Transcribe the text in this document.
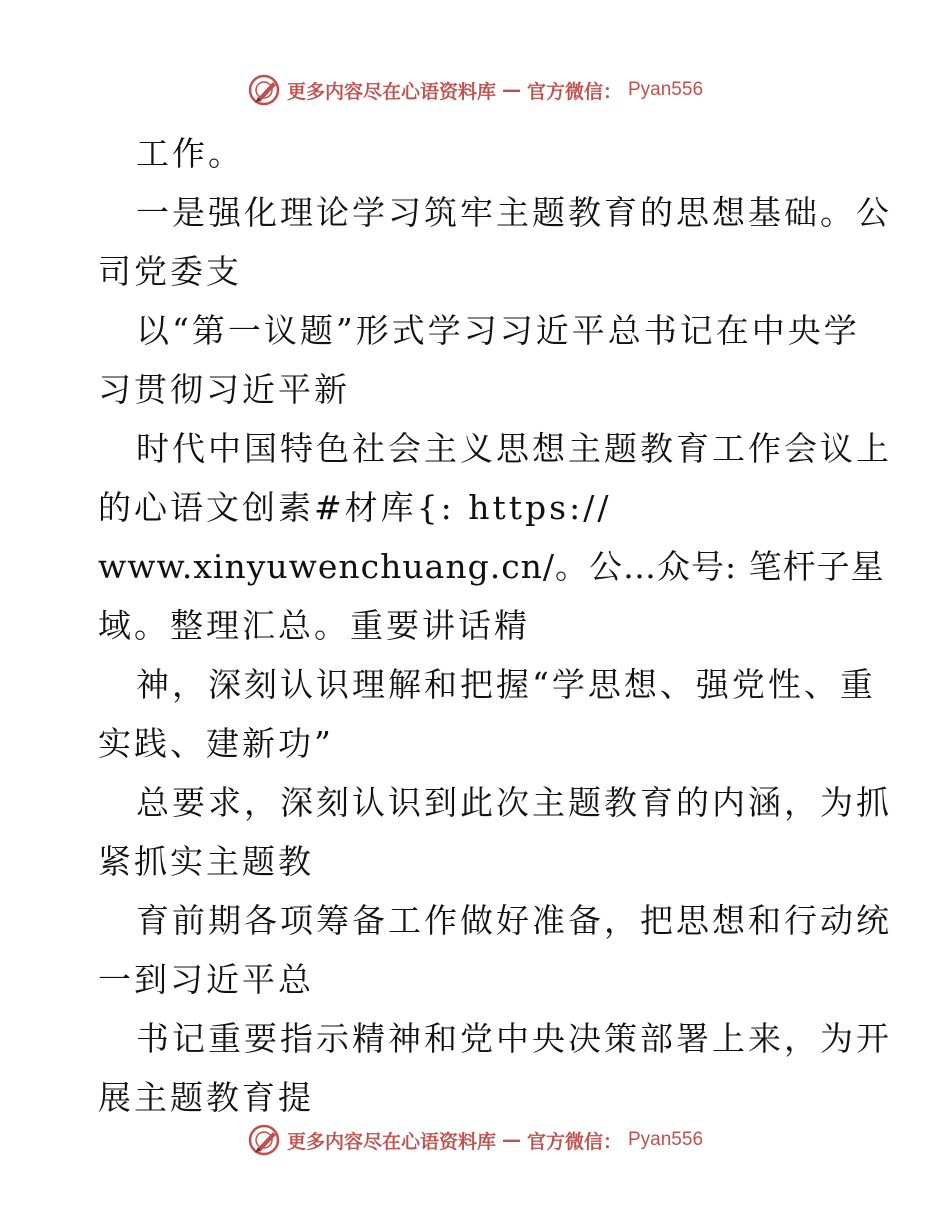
更多内容尽在心语资料库 — 官方微信： Pyan556
工作。
一是强化理论学习筑牢主题教育的思想基础。公
司党委支
以“第一议题”形式学习习近平总书记在中央学
习贯彻习近平新
时代中国特色社会主义思想主题教育工作会议上
的心语文创素#材库{: https://
www.xinyuwenchuang.cn/。公…众号: 笔杆子星
域。整理汇总。重要讲话精
神，深刻认识理解和把握“学思想、强党性、重
实践、建新功”
总要求，深刻认识到此次主题教育的内涵，为抓
紧抓实主题教
育前期各项筹备工作做好准备，把思想和行动统
一到习近平总
书记重要指示精神和党中央决策部署上来，为开
展主题教育提
更多内容尽在心语资料库 — 官方微信： Pyan556
